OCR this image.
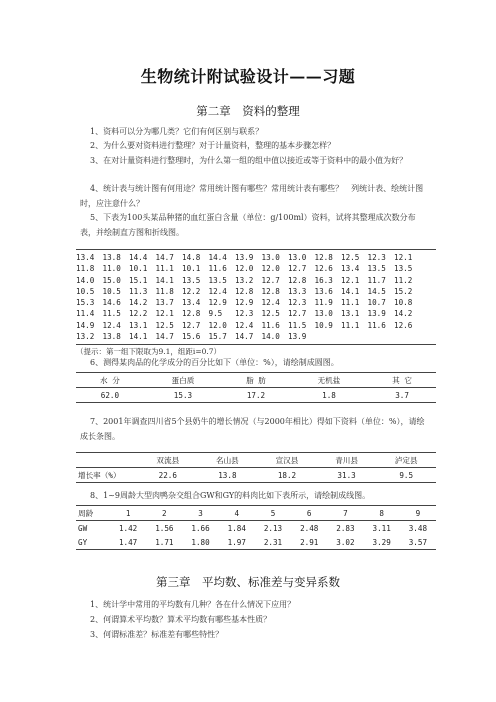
生物统计附试验设计——习题
第二章　资料的整理
1、资料可以分为哪几类？它们有何区别与联系？
2、为什么要对资料进行整理？对于计量资料，整理的基本步骤怎样？
3、在对计量资料进行整理时，为什么第一组的组中值以接近或等于资料中的最小值为好？
4、统计表与统计图有何用途？常用统计图有哪些？常用统计表有哪些？　列统计表、绘统计图时，应注意什么？
5、下表为100头某品种猪的血红蛋白含量（单位：g/100ml）资料，试将其整理成次数分布表，并绘制直方图和折线图。
13.4	13.8	14.4	14.7	14.8	14.4	13.9	13.0	13.0	12.8	12.5	12.3	12.1
11.8	11.0	10.1	11.1	10.1	11.6	12.0	12.0	12.7	12.6	13.4	13.5	13.5
14.0	15.0	15.1	14.1	13.5	13.5	13.2	12.7	12.8	16.3	12.1	11.7	11.2
10.5	10.5	11.3	11.8	12.2	12.4	12.8	12.8	13.3	13.6	14.1	14.5	15.2
15.3	14.6	14.2	13.7	13.4	12.9	12.9	12.4	12.3	11.9	11.1	10.7	10.8
11.4	11.5	12.2	12.1	12.8	9.5	12.3	12.5	12.7	13.0	13.1	13.9	14.2
14.9	12.4	13.1	12.5	12.7	12.0	12.4	11.6	11.5	10.9	11.1	11.6	12.6
13.2	13.8	14.1	14.7	15.6	15.7	14.7	14.0	13.9
（提示：第一组下限取为9.1，组距i=0.7）
6、测得某肉品的化学成分的百分比如下（单位：%），请绘制成圆图。
水 分	蛋白质	脂 肪	无机盐	其 它
62.0	15.3	17.2	1.8	3.7
7、2001年调查四川省5个县奶牛的增长情况（与2000年相比）得如下资料（单位：%），请绘成长条图。
	双流县	名山县	宣汉县	青川县	泸定县
增长率（%）	22.6	13.8	18.2	31.3	9.5
8、1~9周龄大型肉鸭杂交组合GW和GY的料肉比如下表所示，请绘制成线图。
周龄	1	2	3	4	5	6	7	8	9
GW	1.42	1.56	1.66	1.84	2.13	2.48	2.83	3.11	3.48
GY	1.47	1.71	1.80	1.97	2.31	2.91	3.02	3.29	3.57
第三章　平均数、标准差与变异系数
1、统计学中常用的平均数有几种？各在什么情况下应用？
2、何谓算术平均数？算术平均数有哪些基本性质？
3、何谓标准差？标准差有哪些特性？
